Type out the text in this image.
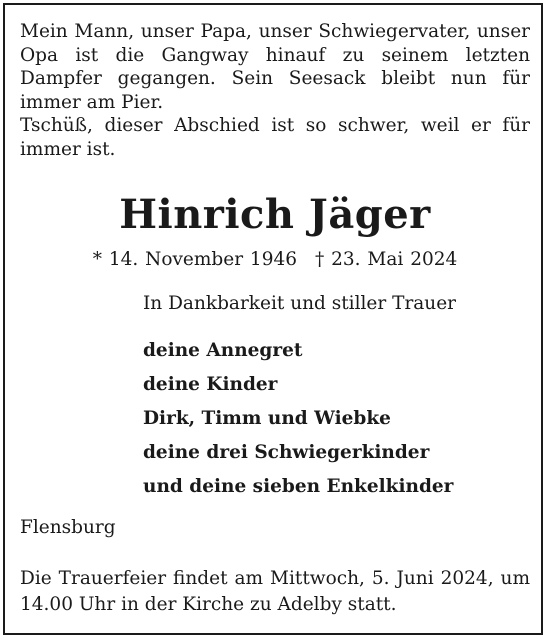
Mein Mann, unser Papa, unser Schwiegervater, unser Opa ist die Gangway hinauf zu seinem letzten Dampfer gegangen. Sein Seesack bleibt nun für immer am Pier.

Tschüß, dieser Abschied ist so schwer, weil er für immer ist.

Hinrich Jäger

* 14. November 1946 † 23. Mai 2024

In Dankbarkeit und stiller Trauer

deine Annegret
deine Kinder
Dirk, Timm und Wiebke
deine drei Schwiegerkinder
und deine sieben Enkelkinder

Flensburg

Die Trauerfeier findet am Mittwoch, 5. Juni 2024, um 14.00 Uhr in der Kirche zu Adelby statt.
